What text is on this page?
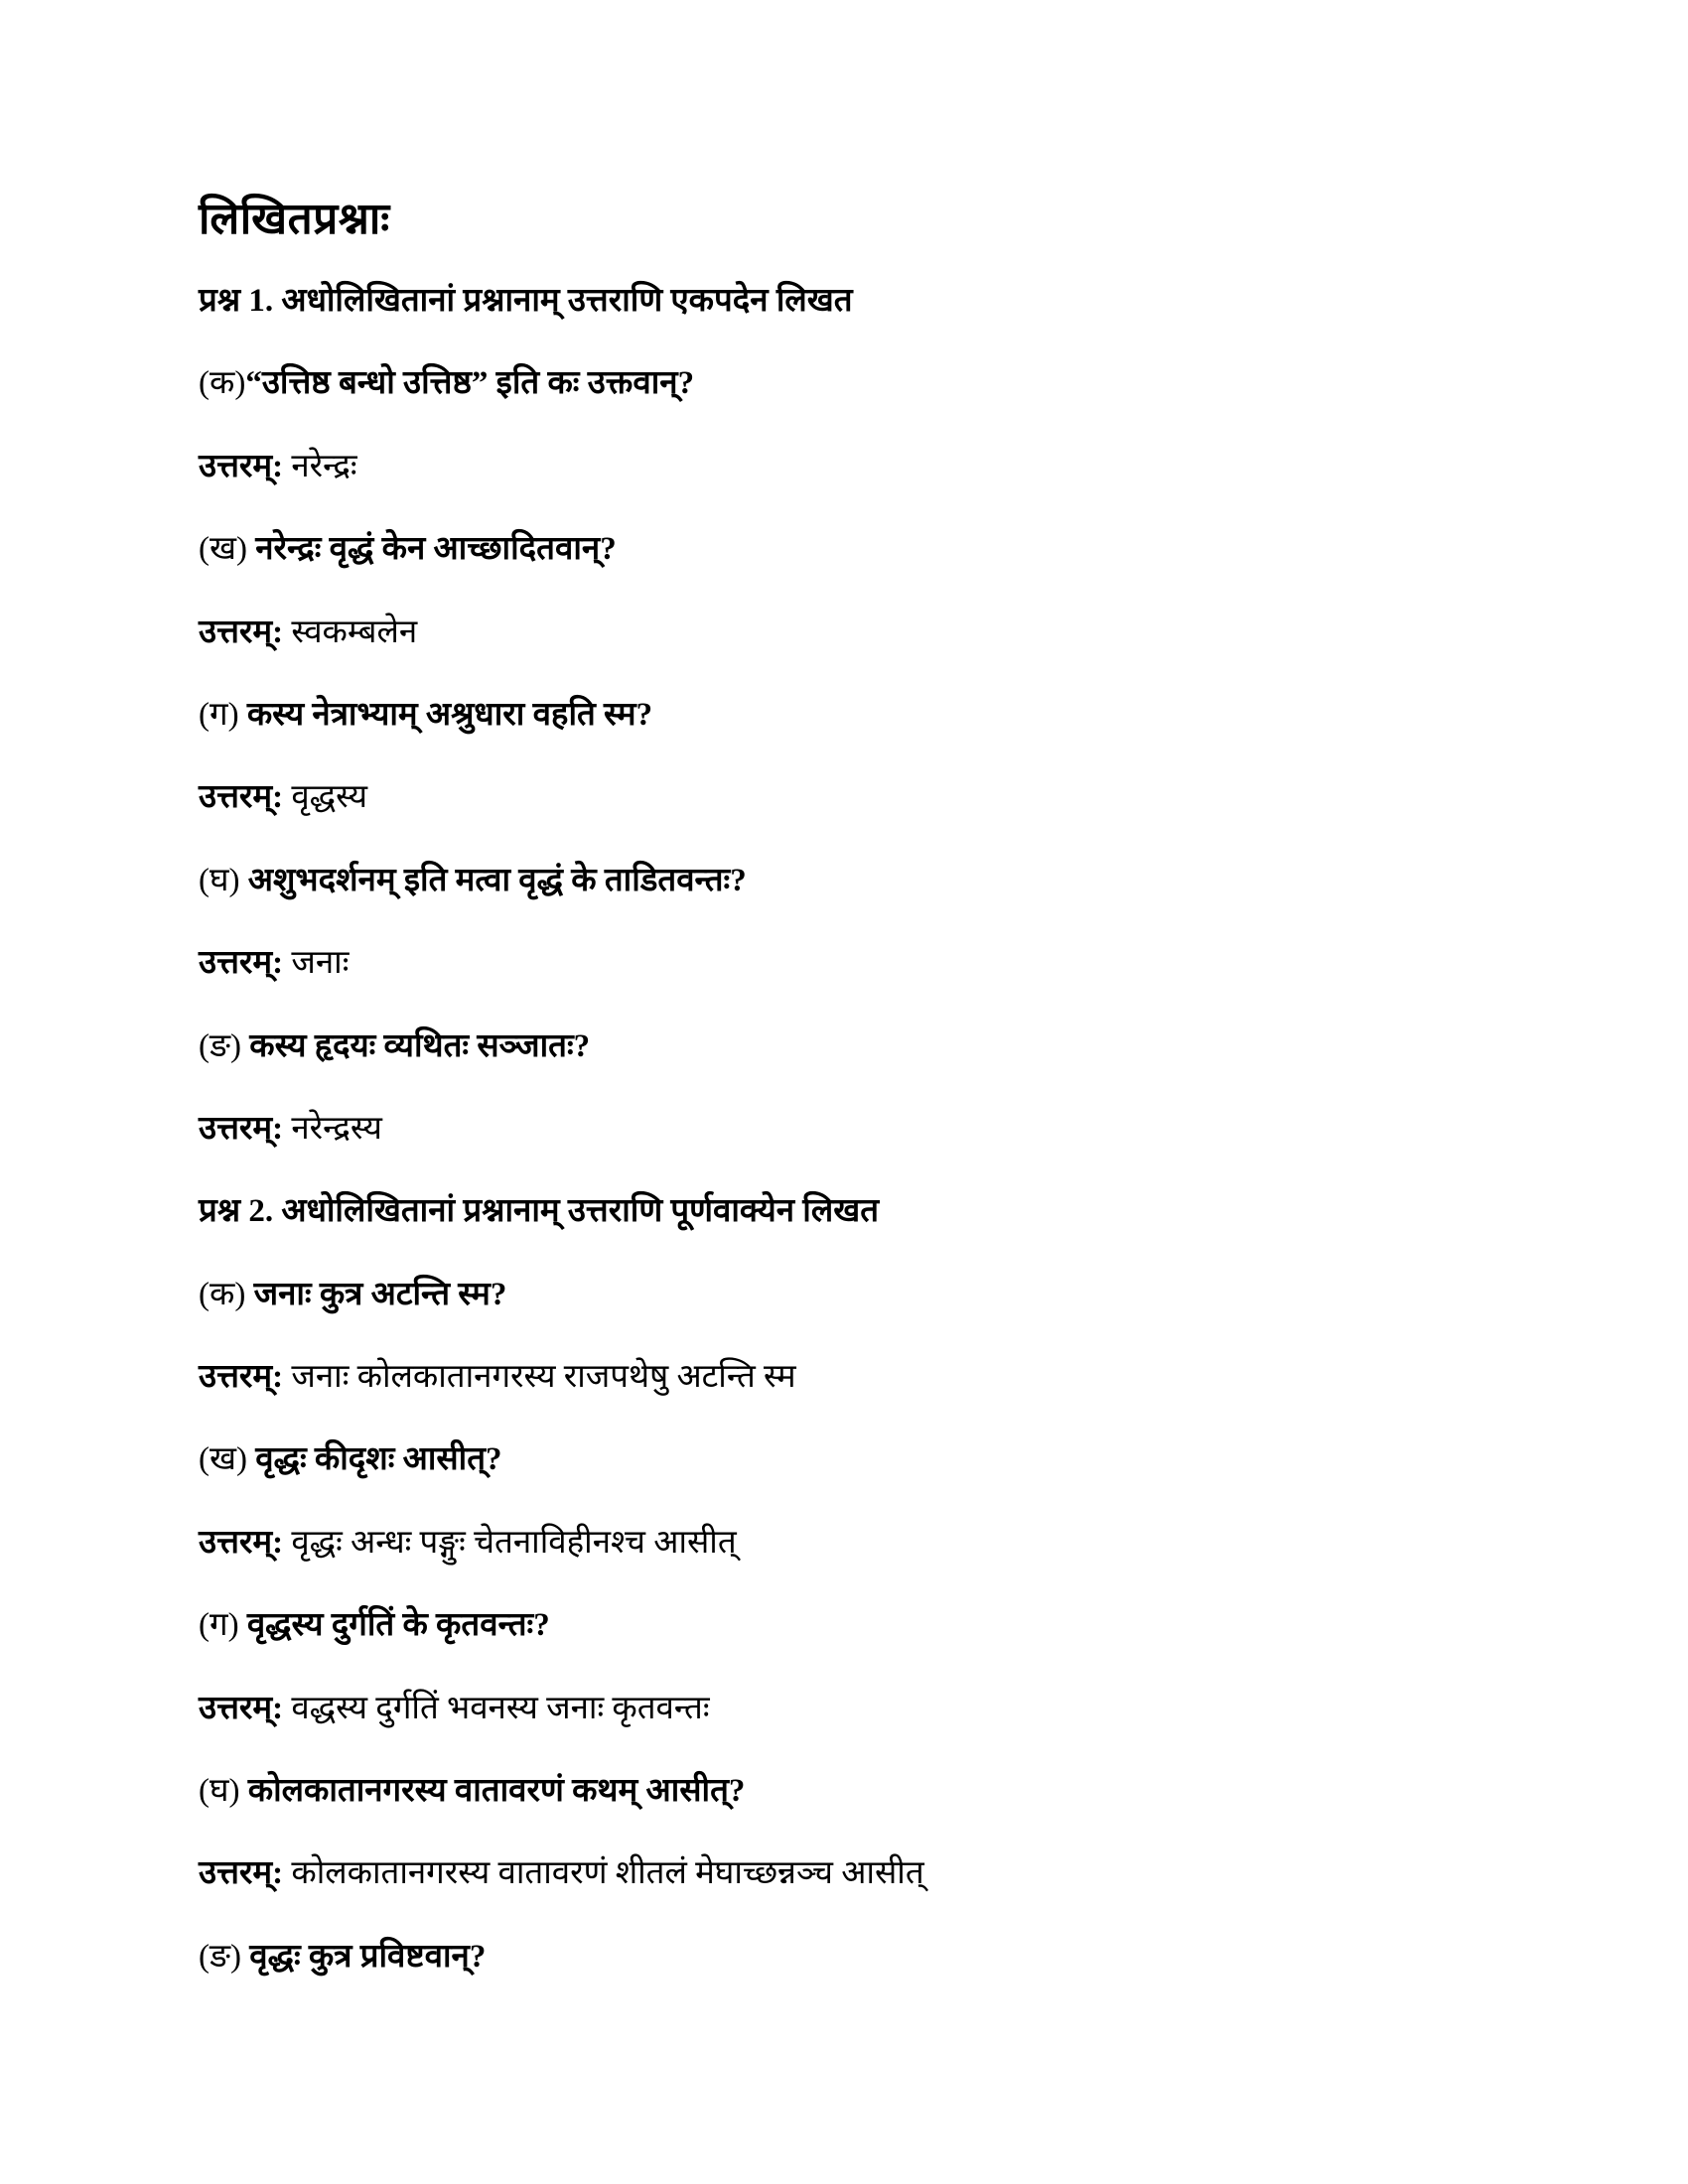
लिखितप्रश्नाः
प्रश्न 1. अधोलिखितानां प्रश्नानाम् उत्तराणि एकपदेन लिखत
(क)“उत्तिष्ठ बन्धो उत्तिष्ठ” इति कः उक्तवान्?
उत्तरम्: नरेन्द्रः
(ख) नरेन्द्रः वृद्धं केन आच्छादितवान्?
उत्तरम्: स्वकम्बलेन
(ग) कस्य नेत्राभ्याम् अश्रुधारा वहति स्म?
उत्तरम्: वृद्धस्य
(घ) अशुभदर्शनम् इति मत्वा वृद्धं के ताडितवन्तः?
उत्तरम्: जनाः
(ङ) कस्य हृदयः व्यथितः सञ्जातः?
उत्तरम्: नरेन्द्रस्य
प्रश्न 2. अधोलिखितानां प्रश्नानाम् उत्तराणि पूर्णवाक्येन लिखत
(क) जनाः कुत्र अटन्ति स्म?
उत्तरम्: जनाः कोलकातानगरस्य राजपथेषु अटन्ति स्म
(ख) वृद्धः कीदृशः आसीत्?
उत्तरम्: वृद्धः अन्धः पङ्गुः चेतनाविहीनश्च आसीत्
(ग) वृद्धस्य दुर्गतिं के कृतवन्तः?
उत्तरम्: वद्धस्य दुर्गतिं भवनस्य जनाः कृतवन्तः
(घ) कोलकातानगरस्य वातावरणं कथम् आसीत्?
उत्तरम्: कोलकातानगरस्य वातावरणं शीतलं मेघाच्छन्नञ्च आसीत्
(ङ) वृद्धः कुत्र प्रविष्टवान्?
